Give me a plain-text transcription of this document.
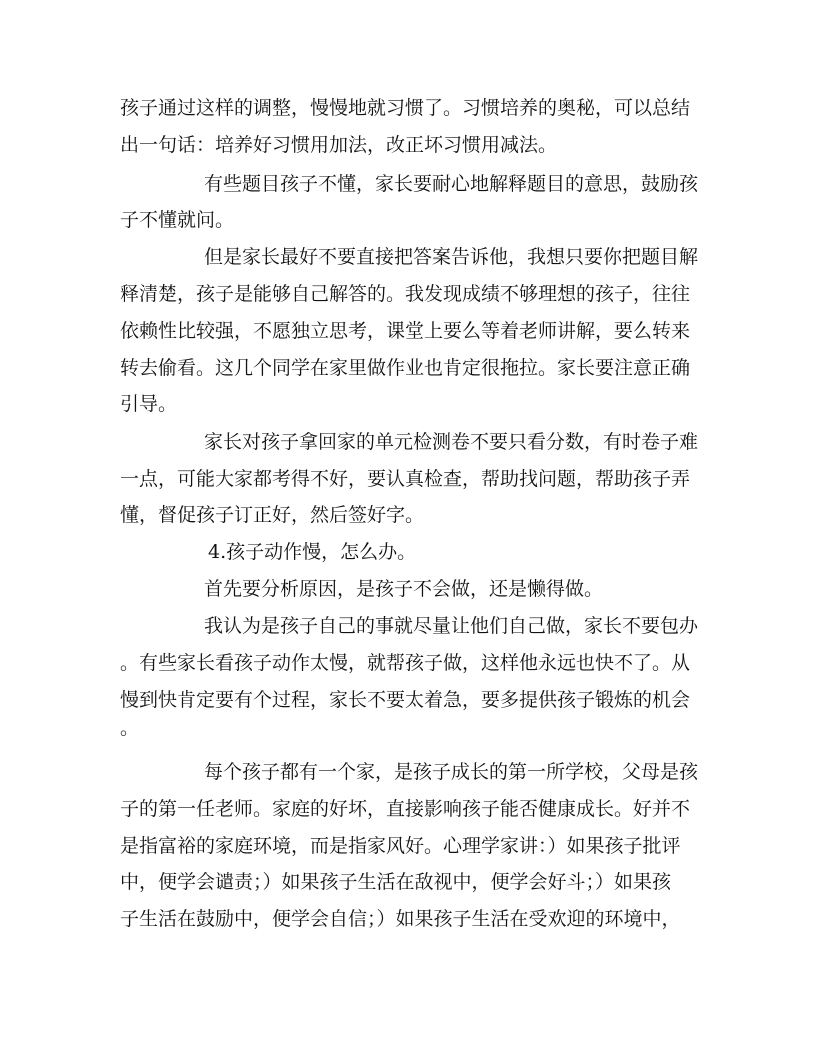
孩子通过这样的调整，慢慢地就习惯了。习惯培养的奥秘，可以总结
出一句话：培养好习惯用加法，改正坏习惯用减法。
有些题目孩子不懂，家长要耐心地解释题目的意思，鼓励孩
子不懂就问。
但是家长最好不要直接把答案告诉他，我想只要你把题目解
释清楚，孩子是能够自己解答的。我发现成绩不够理想的孩子，往往
依赖性比较强，不愿独立思考，课堂上要么等着老师讲解，要么转来
转去偷看。这几个同学在家里做作业也肯定很拖拉。家长要注意正确
引导。
家长对孩子拿回家的单元检测卷不要只看分数，有时卷子难
一点，可能大家都考得不好，要认真检查，帮助找问题，帮助孩子弄
懂，督促孩子订正好，然后签好字。
4.孩子动作慢，怎么办。
首先要分析原因，是孩子不会做，还是懒得做。
我认为是孩子自己的事就尽量让他们自己做，家长不要包办
。有些家长看孩子动作太慢，就帮孩子做，这样他永远也快不了。从
慢到快肯定要有个过程，家长不要太着急，要多提供孩子锻炼的机会
。
每个孩子都有一个家，是孩子成长的第一所学校，父母是孩
子的第一任老师。家庭的好坏，直接影响孩子能否健康成长。好并不
是指富裕的家庭环境，而是指家风好。心理学家讲：）如果孩子批评
中，便学会谴责；）如果孩子生活在敌视中，便学会好斗；）如果孩
子生活在鼓励中，便学会自信；）如果孩子生活在受欢迎的环境中，
